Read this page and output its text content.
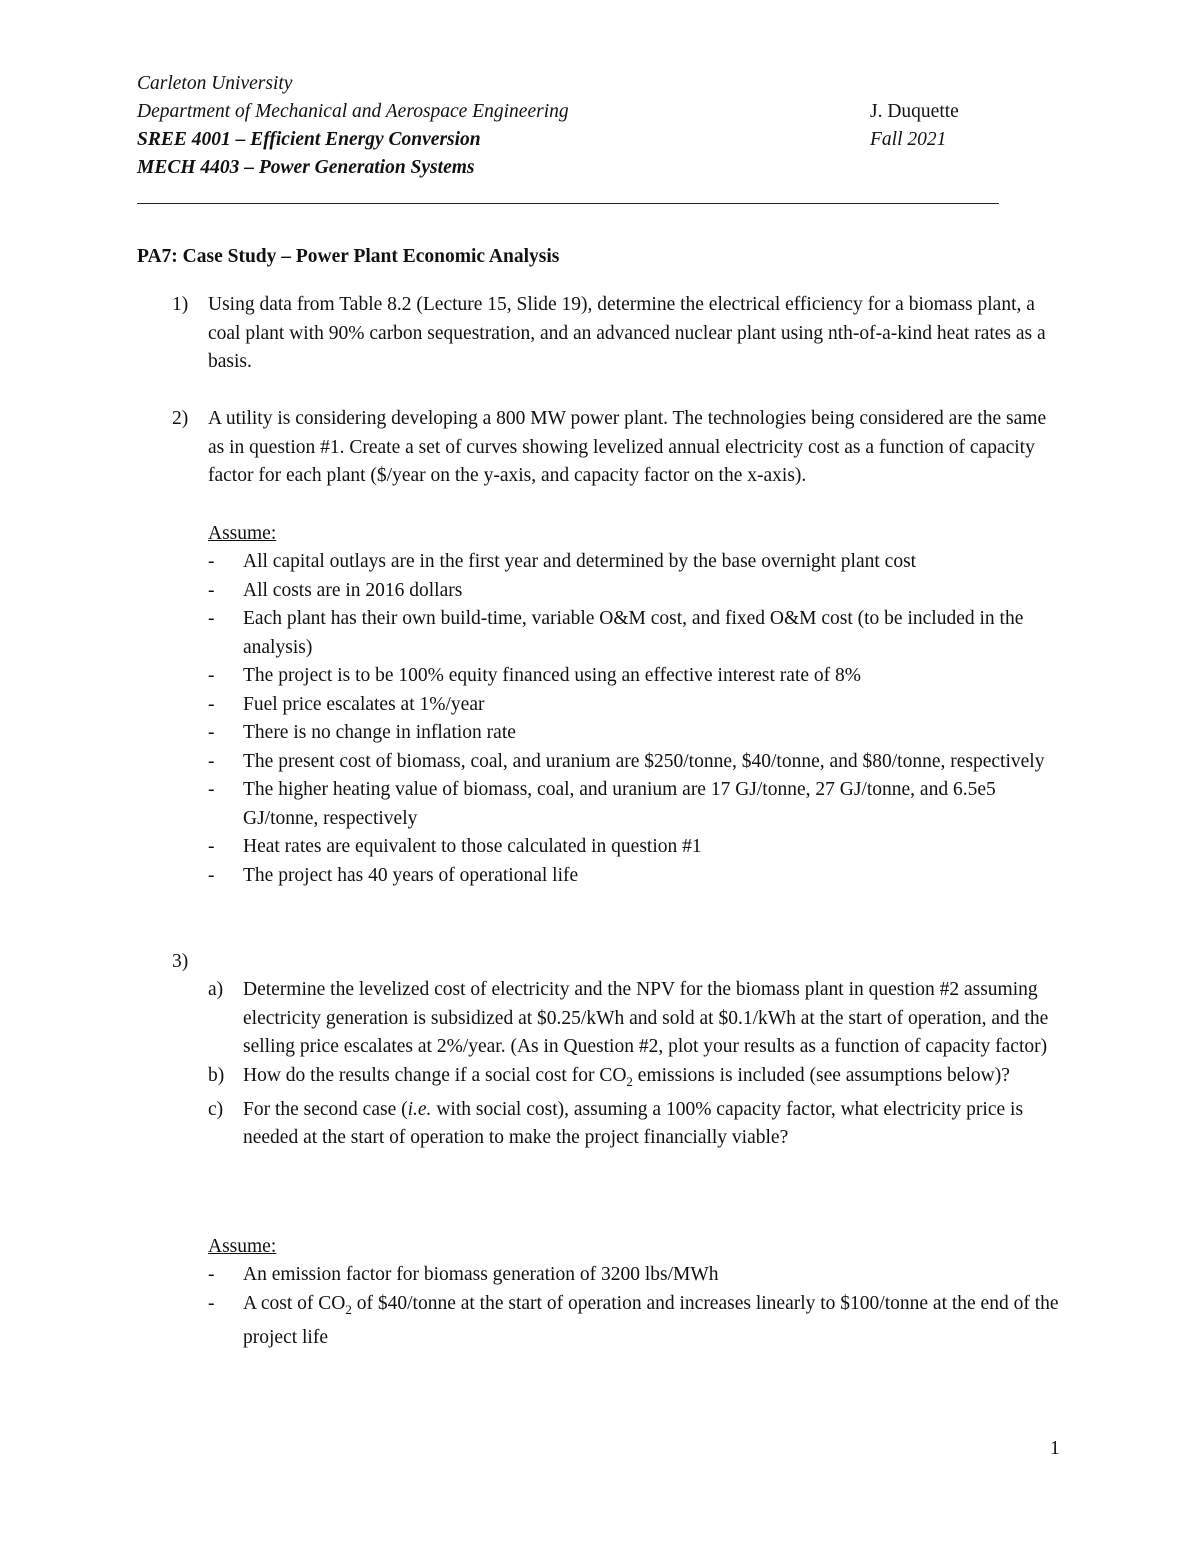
Carleton University
Department of Mechanical and Aerospace Engineering
SREE 4001 – Efficient Energy Conversion
MECH 4403 – Power Generation Systems
J. Duquette
Fall 2021
PA7: Case Study – Power Plant Economic Analysis
1) Using data from Table 8.2 (Lecture 15, Slide 19), determine the electrical efficiency for a biomass plant, a coal plant with 90% carbon sequestration, and an advanced nuclear plant using nth-of-a-kind heat rates as a basis.
2) A utility is considering developing a 800 MW power plant. The technologies being considered are the same as in question #1. Create a set of curves showing levelized annual electricity cost as a function of capacity factor for each plant ($/year on the y-axis, and capacity factor on the x-axis).
Assume:
- All capital outlays are in the first year and determined by the base overnight plant cost
- All costs are in 2016 dollars
- Each plant has their own build-time, variable O&M cost, and fixed O&M cost (to be included in the analysis)
- The project is to be 100% equity financed using an effective interest rate of 8%
- Fuel price escalates at 1%/year
- There is no change in inflation rate
- The present cost of biomass, coal, and uranium are $250/tonne, $40/tonne, and $80/tonne, respectively
- The higher heating value of biomass, coal, and uranium are 17 GJ/tonne, 27 GJ/tonne, and 6.5e5 GJ/tonne, respectively
- Heat rates are equivalent to those calculated in question #1
- The project has 40 years of operational life
3)
a) Determine the levelized cost of electricity and the NPV for the biomass plant in question #2 assuming electricity generation is subsidized at $0.25/kWh and sold at $0.1/kWh at the start of operation, and the selling price escalates at 2%/year. (As in Question #2, plot your results as a function of capacity factor)
b) How do the results change if a social cost for $CO_2$ emissions is included (see assumptions below)?
c) For the second case (i.e. with social cost), assuming a 100% capacity factor, what electricity price is needed at the start of operation to make the project financially viable?
Assume:
- An emission factor for biomass generation of 3200 lbs/MWh
- A cost of $CO_2$ of $40/tonne at the start of operation and increases linearly to $100/tonne at the end of the project life
1
